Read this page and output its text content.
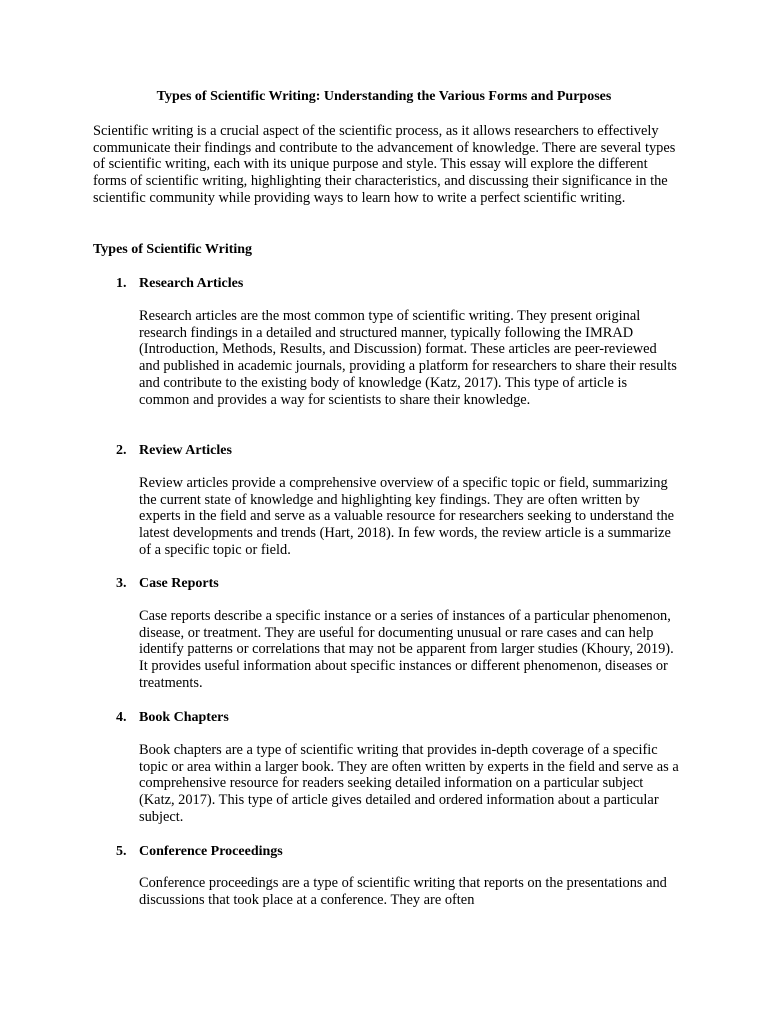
Types of Scientific Writing: Understanding the Various Forms and Purposes

Scientific writing is a crucial aspect of the scientific process, as it allows researchers to effectively communicate their findings and contribute to the advancement of knowledge. There are several types of scientific writing, each with its unique purpose and style. This essay will explore the different forms of scientific writing, highlighting their characteristics, and discussing their significance in the scientific community while providing ways to learn how to write a perfect scientific writing.

Types of Scientific Writing

1. Research Articles

Research articles are the most common type of scientific writing. They present original research findings in a detailed and structured manner, typically following the IMRAD (Introduction, Methods, Results, and Discussion) format. These articles are peer-reviewed and published in academic journals, providing a platform for researchers to share their results and contribute to the existing body of knowledge (Katz, 2017). This type of article is common and provides a way for scientists to share their knowledge.

2. Review Articles

Review articles provide a comprehensive overview of a specific topic or field, summarizing the current state of knowledge and highlighting key findings. They are often written by experts in the field and serve as a valuable resource for researchers seeking to understand the latest developments and trends (Hart, 2018). In few words, the review article is a summarize of a specific topic or field.

3. Case Reports

Case reports describe a specific instance or a series of instances of a particular phenomenon, disease, or treatment. They are useful for documenting unusual or rare cases and can help identify patterns or correlations that may not be apparent from larger studies (Khoury, 2019). It provides useful information about specific instances or different phenomenon, diseases or treatments.

4. Book Chapters

Book chapters are a type of scientific writing that provides in-depth coverage of a specific topic or area within a larger book. They are often written by experts in the field and serve as a comprehensive resource for readers seeking detailed information on a particular subject (Katz, 2017). This type of article gives detailed and ordered information about a particular subject.

5. Conference Proceedings

Conference proceedings are a type of scientific writing that reports on the presentations and discussions that took place at a conference. They are often
